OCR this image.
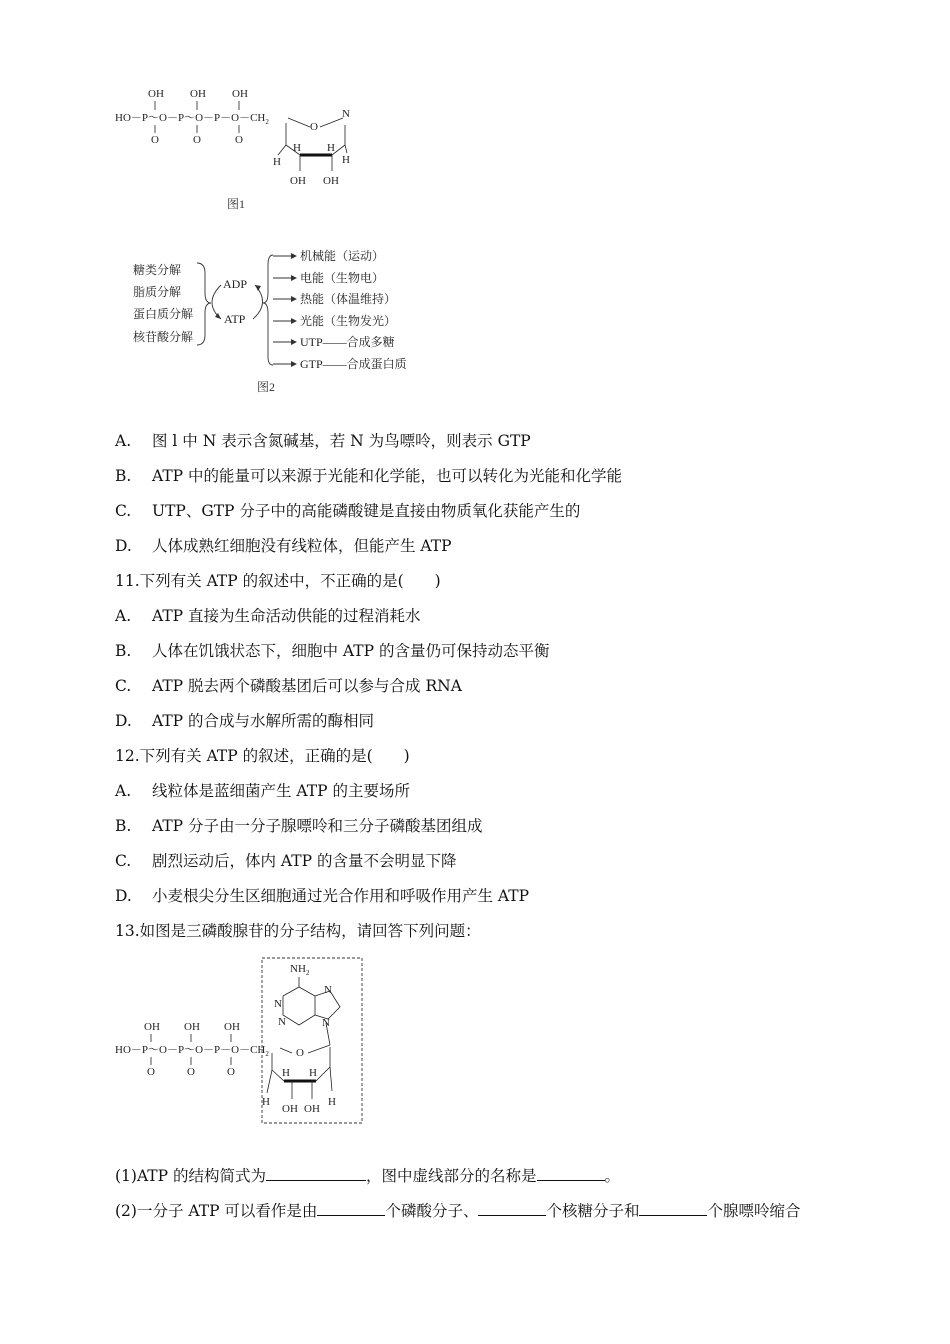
OH OH OH
$HO-P\sim O-P\sim O-P-O-CH_2$
O	O	O
O
N
H
H H
H
OH OH
图1
糖类分解
脂质分解
蛋白质分解
核苷酸分解
ADP
ATP
机械能（运动）
电能（生物电）
热能（体温维持）
光能（生物发光）
UTP——合成多糖
GTP——合成蛋白质
图2
A. 图 l 中 N 表示含氮碱基，若 N 为鸟嘌呤，则表示 GTP
B. ATP 中的能量可以来源于光能和化学能，也可以转化为光能和化学能
C. UTP、GTP 分子中的高能磷酸键是直接由物质氧化获能产生的
D. 人体成熟红细胞没有线粒体，但能产生 ATP
11.下列有关 ATP 的叙述中，不正确的是(　　)
A. ATP 直接为生命活动供能的过程消耗水
B. 人体在饥饿状态下，细胞中 ATP 的含量仍可保持动态平衡
C. ATP 脱去两个磷酸基团后可以参与合成 RNA
D. ATP 的合成与水解所需的酶相同
12.下列有关 ATP 的叙述，正确的是(　　)
A. 线粒体是蓝细菌产生 ATP 的主要场所
B. ATP 分子由一分子腺嘌呤和三分子磷酸基团组成
C. 剧烈运动后，体内 ATP 的含量不会明显下降
D. 小麦根尖分生区细胞通过光合作用和呼吸作用产生 ATP
13.如图是三磷酸腺苷的分子结构，请回答下列问题：
OH OH OH
$HO-P\sim O-P\sim O-P-O-CH_2$
O	O	O
$NH_2$
N
N
N	N
O
H H
H	H
OH OH
(1)ATP 的结构简式为	，图中虚线部分的名称是	。
(2)一分子 ATP 可以看作是由	个磷酸分子、	个核糖分子和	个腺嘌呤缩合
